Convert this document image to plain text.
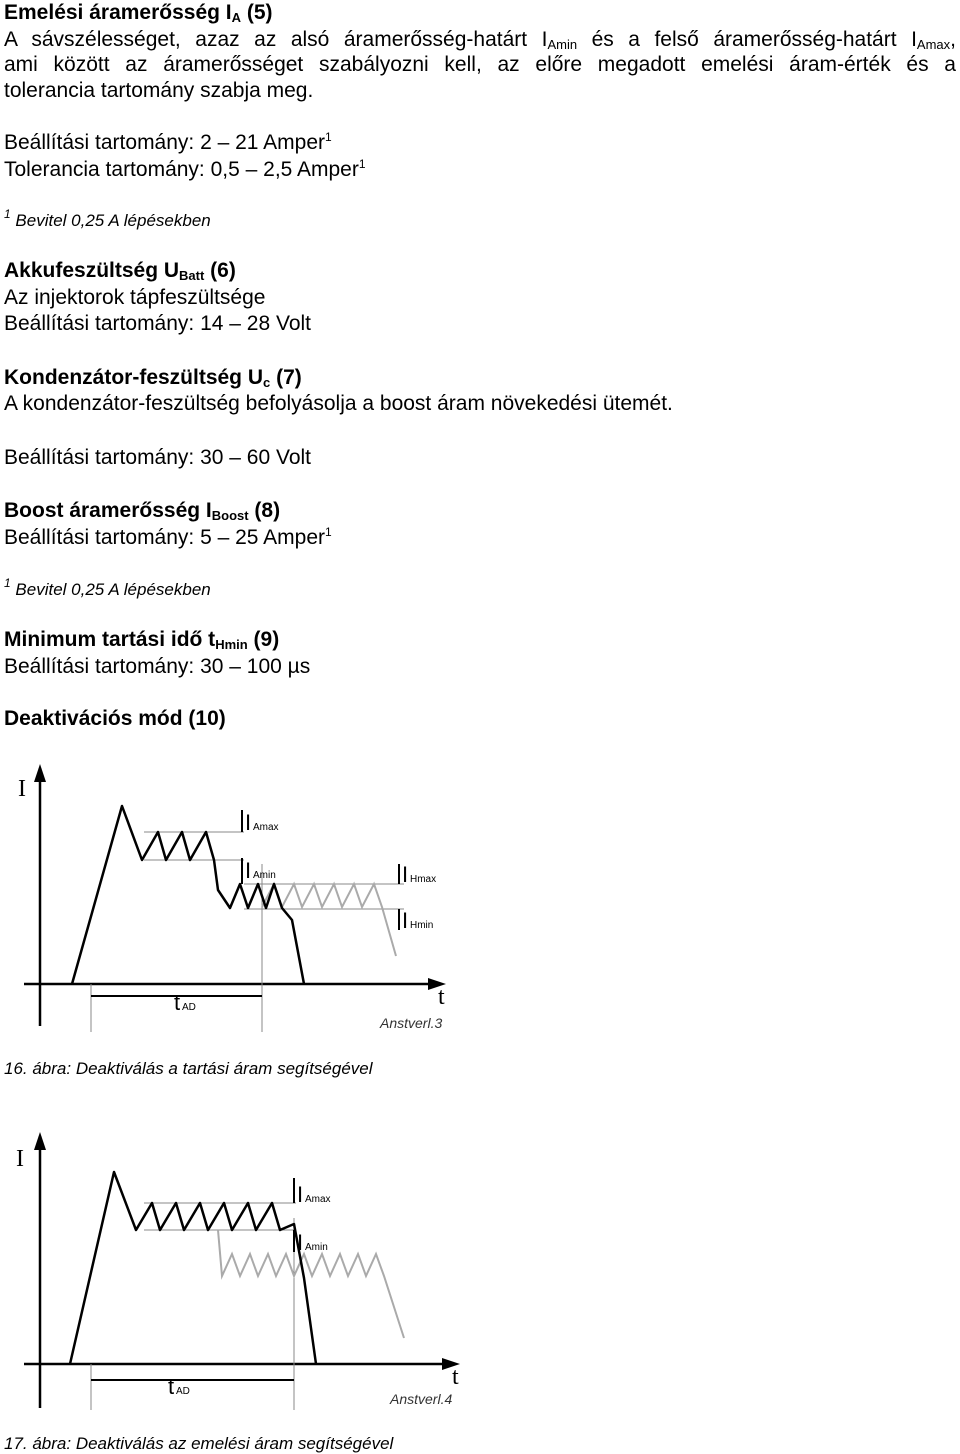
Emelési áramerősség $I_A$ (5)
A sávszélességet, azaz az alsó áramerősség-határt $I_{Amin}$ és a felső áramerősség-határt $I_{Amax}$,
ami között az áramerősséget szabályozni kell, az előre megadott emelési áram-érték és a
tolerancia tartomány szabja meg.
Beállítási tartomány: 2 – 21 Amper$^1$
Tolerancia tartomány: 0,5 – 2,5 Amper$^1$
$^1$ Bevitel 0,25 A lépésekben
Akkufeszültség $U_{Batt}$ (6)
Az injektorok tápfeszültsége
Beállítási tartomány: 14 – 28 Volt
Kondenzátor-feszültség $U_c$ (7)
A kondenzátor-feszültség befolyásolja a boost áram növekedési ütemét.
Beállítási tartomány: 30 – 60 Volt
Boost áramerősség $I_{Boost}$ (8)
Beállítási tartomány: 5 – 25 Amper$^1$
$^1$ Bevitel 0,25 A lépésekben
Minimum tartási idő $t_{Hmin}$ (9)
Beállítási tartomány: 30 – 100 µs
Deaktivációs mód (10)
I
t
I Amax
I Amin	I Hmax
I Hmin
t AD
Anstverl.3
16. ábra: Deaktiválás a tartási áram segítségével
I
t
I Amax
I Amin
t AD	Anstverl.4
17. ábra: Deaktiválás az emelési áram segítségével
